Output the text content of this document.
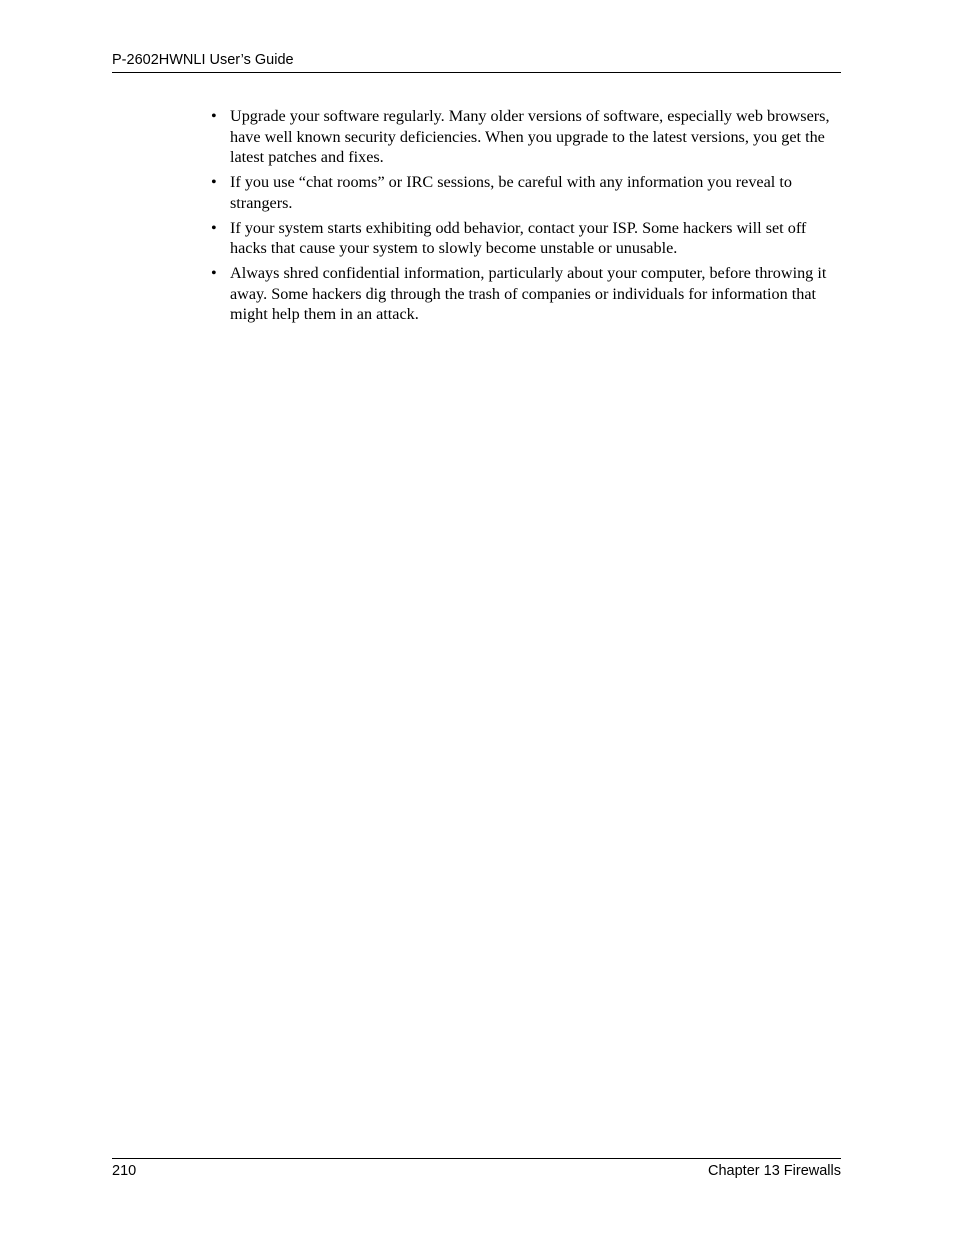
P-2602HWNLI User’s Guide
• Upgrade your software regularly. Many older versions of software, especially web browsers, have well known security deficiencies. When you upgrade to the latest versions, you get the latest patches and fixes.
• If you use “chat rooms” or IRC sessions, be careful with any information you reveal to strangers.
• If your system starts exhibiting odd behavior, contact your ISP. Some hackers will set off hacks that cause your system to slowly become unstable or unusable.
• Always shred confidential information, particularly about your computer, before throwing it away. Some hackers dig through the trash of companies or individuals for information that might help them in an attack.
210	Chapter 13 Firewalls
